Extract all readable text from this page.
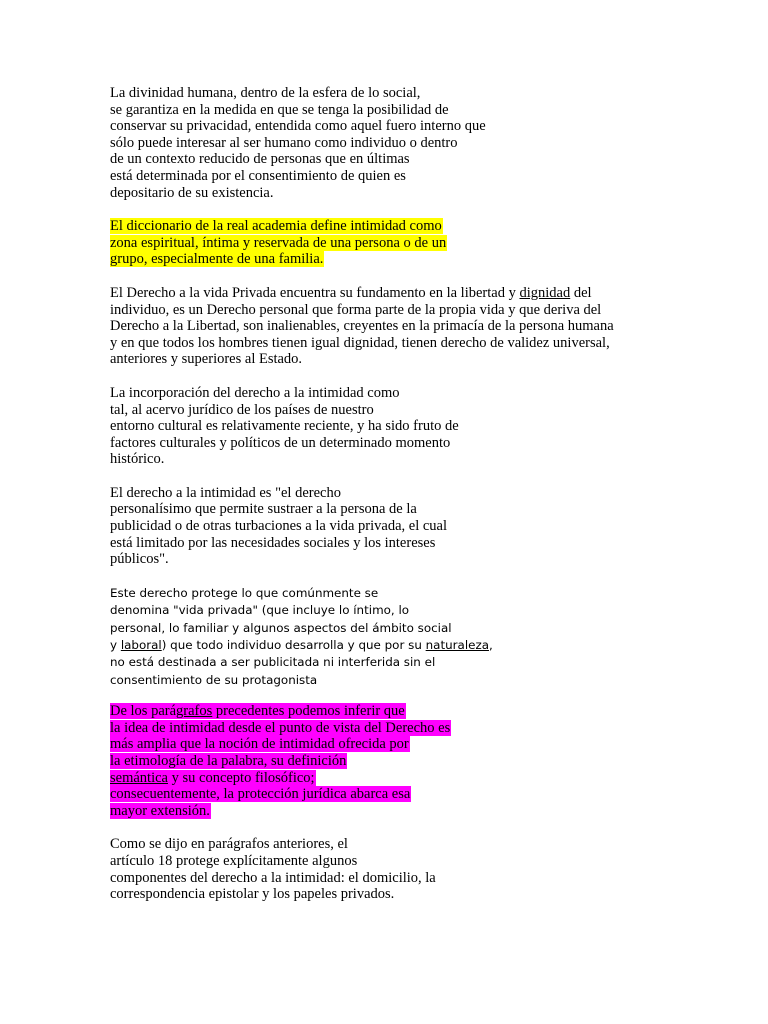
La divinidad humana, dentro de la esfera de lo social,
se garantiza en la medida en que se tenga la posibilidad de
conservar su privacidad, entendida como aquel fuero interno que
sólo puede interesar al ser humano como individuo o dentro
de un contexto reducido de personas que en últimas
está determinada por el consentimiento de quien es
depositario de su existencia.

El diccionario de la real academia define intimidad como
zona espiritual, íntima y reservada de una persona o de un
grupo, especialmente de una familia.

El Derecho a la vida Privada encuentra su fundamento en la libertad y dignidad del
individuo, es un Derecho personal que forma parte de la propia vida y que deriva del
Derecho a la Libertad, son inalienables, creyentes en la primacía de la persona humana
y en que todos los hombres tienen igual dignidad, tienen derecho de validez universal,
anteriores y superiores al Estado.

La incorporación del derecho a la intimidad como
tal, al acervo jurídico de los países de nuestro
entorno cultural es relativamente reciente, y ha sido fruto de
factores culturales y políticos de un determinado momento
histórico.

El derecho a la intimidad es "el derecho
personalísimo que permite sustraer a la persona de la
publicidad o de otras turbaciones a la vida privada, el cual
está limitado por las necesidades sociales y los intereses
públicos".

Este derecho protege lo que comúnmente se
denomina "vida privada" (que incluye lo íntimo, lo
personal, lo familiar y algunos aspectos del ámbito social
y laboral) que todo individuo desarrolla y que por su naturaleza,
no está destinada a ser publicitada ni interferida sin el
consentimiento de su protagonista

De los parágrafos precedentes podemos inferir que
la idea de intimidad desde el punto de vista del Derecho es
más amplia que la noción de intimidad ofrecida por
la etimología de la palabra, su definición
semántica y su concepto filosófico;
consecuentemente, la protección jurídica abarca esa
mayor extensión.

Como se dijo en parágrafos anteriores, el
artículo 18 protege explícitamente algunos
componentes del derecho a la intimidad: el domicilio, la
correspondencia epistolar y los papeles privados.
